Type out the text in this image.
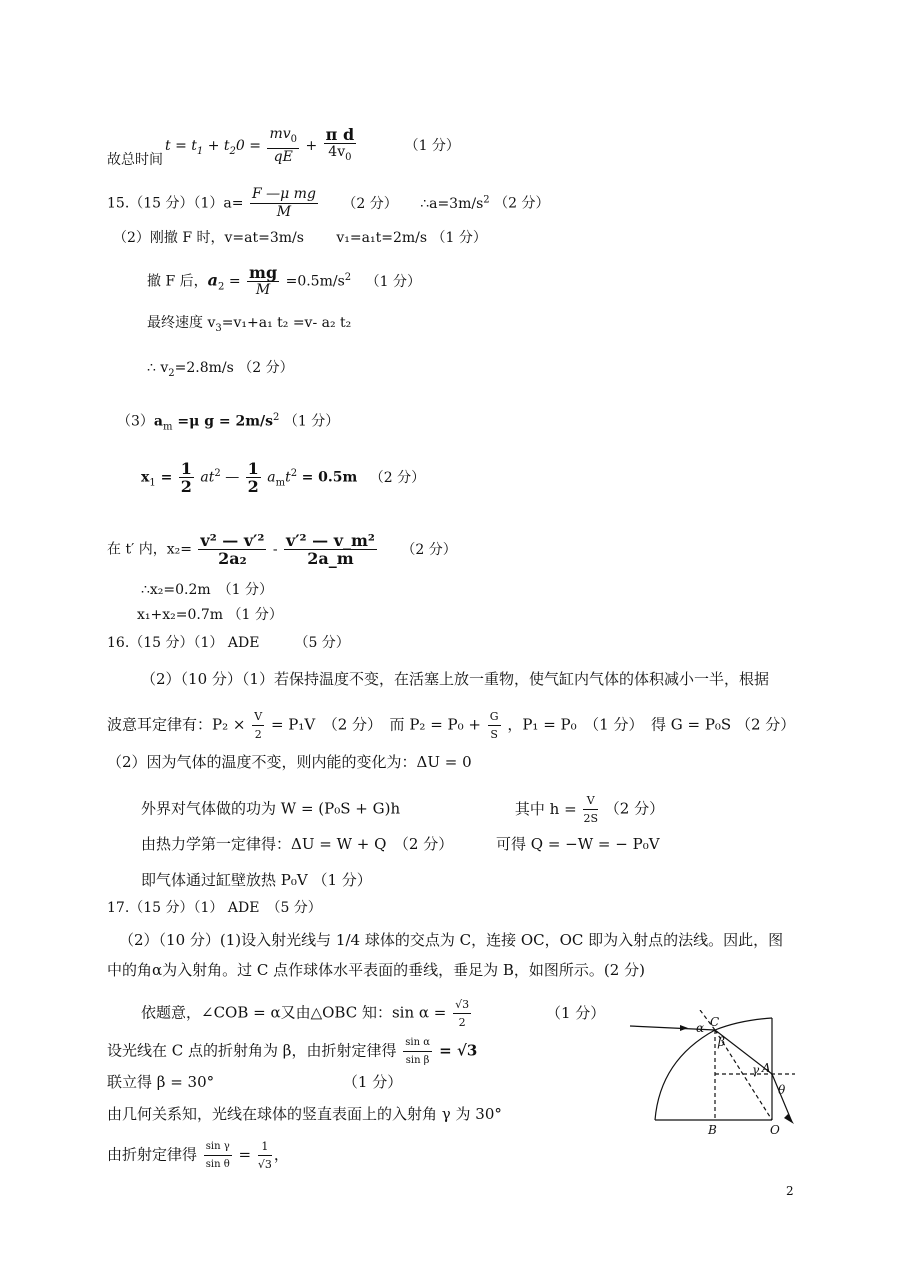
$t = t_1 + t_20 = \frac{mv_0}{qE} + \frac{\text{π d}}{4v_0}$	（1 分）
故总时间
15.（15 分）$(1)a= \frac{\text{F —μ mg}}{M} (2$ 分） $\therefore a=3m/s^2$ （2 分）
（2）刚撤 F 时，v=at=3m/s　　 v₁=a₁t=2m/s （1 分）
撤 F 后，$a_2 = \frac{mg}{M} =0.5m/s^2$ （1 分）
最终速度 $v_3=v_1+a_1$ t₂ =v- a₂ t₂
∴ $v_2=2.8m/s$ （2 分）
$(3)a_m =\mu$ $g = 2m/s^2$ （1 分）
$x_1 = \frac{1}{2} at^2$ — $\frac{1}{2} a_mt^2 = 0.5m$ （2 分）
在 t′ 内，$x_2= \frac{\text{v² — v′²}}{\text{2a₂}} - \frac{\text{v′² — v\_m²}}{2a\_m} (2$ 分）
∴x₂=0.2m　（1 分）
x₁+x₂=0.7m （1 分）
16.（15 分）（1） ADE　　　（5 分）
（2）（10 分）（1）若保持温度不变，在活塞上放一重物，使气缸内气体的体积减小一半，根据
波意耳定律有：$P_2 \times \frac{V}{2} = P_1V$　（2 分）　而 $P_2 = P_0 + \frac{G}{S}$ ，P₁ = P₀　（1 分）　得 G = P₀S （2 分）
（2）因为气体的温度不变，则内能的变化为：ΔU = 0
外界对气体做的功为 W = (P₀S + G)h	其中 $h = \frac{V}{2S} (2$ 分）
由热力学第一定律得：ΔU = W + Q　（2 分）	可得 Q = −W = − P₀V
即气体通过缸壁放热 P₀V （1 分）
17.（15 分）（1） ADE　（5 分）
（2）（10 分）(1)设入射光线与 1/4 球体的交点为 C，连接 OC，OC 即为入射点的法线。因此，图
中的角α为入射角。过 C 点作球体水平表面的垂线，垂足为 B，如图所示。(2 分)
依题意，∠COB = α又由△OBC 知：$\sin \alpha = \frac{√3}{2}$	（1 分）
设光线在 C 点的折射角为 β，由折射定律得 $\frac{\text{sin α}}{\text{sin β}} = √3$
联立得 β = 30°	（1 分）
由几何关系知，光线在球体的竖直表面上的入射角 γ 为 30°
由折射定律得 $\frac{\text{sin γ}}{\text{sin θ}} = \frac{1}{√3}$ ，
α C
β
γ A
θ
B	O
2
